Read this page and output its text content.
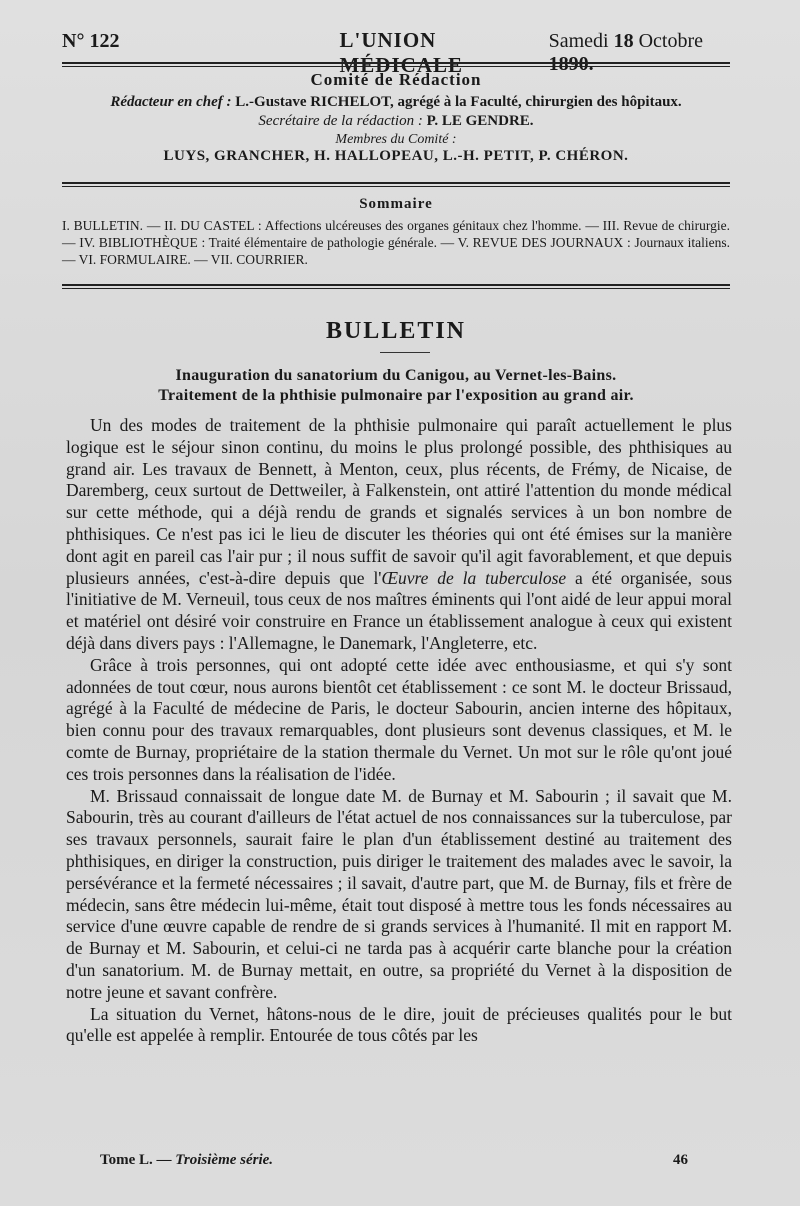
N° 122	L'UNION MÉDICALE
Samedi 18 Octobre 1890.
Comité de Rédaction
Rédacteur en chef : L.-Gustave RICHELOT, agrégé à la Faculté, chirurgien des hôpitaux.
Secrétaire de la rédaction : P. LE GENDRE.
Membres du Comité :
LUYS, GRANCHER, H. HALLOPEAU, L.-H. PETIT, P. CHÉRON.
Sommaire
I. BULLETIN. — II. DU CASTEL : Affections ulcéreuses des organes génitaux chez l'homme. — III. Revue de chirurgie. — IV. BIBLIOTHÈQUE : Traité élémentaire de pathologie générale. — V. REVUE DES JOURNAUX : Journaux italiens. — VI. FORMULAIRE. — VII. COURRIER.
BULLETIN
Inauguration du sanatorium du Canigou, au Vernet-les-Bains.
Traitement de la phthisie pulmonaire par l'exposition au grand air.

Un des modes de traitement de la phthisie pulmonaire qui paraît actuellement le plus logique est le séjour sinon continu, du moins le plus prolongé possible, des phthisiques au grand air. Les travaux de Bennett, à Menton, ceux, plus récents, de Frémy, de Nicaise, de Daremberg, ceux surtout de Dettweiler, à Falkenstein, ont attiré l'attention du monde médical sur cette méthode, qui a déjà rendu de grands et signalés services à un bon nombre de phthisiques. Ce n'est pas ici le lieu de discuter les théories qui ont été émises sur la manière dont agit en pareil cas l'air pur ; il nous suffit de savoir qu'il agit favorablement, et que depuis plusieurs années, c'est-à-dire depuis que l'Œuvre de la tuberculose a été organisée, sous l'initiative de M. Verneuil, tous ceux de nos maîtres éminents qui l'ont aidé de leur appui moral et matériel ont désiré voir construire en France un établissement analogue à ceux qui existent déjà dans divers pays : l'Allemagne, le Danemark, l'Angleterre, etc.

Grâce à trois personnes, qui ont adopté cette idée avec enthousiasme, et qui s'y sont adonnées de tout cœur, nous aurons bientôt cet établissement : ce sont M. le docteur Brissaud, agrégé à la Faculté de médecine de Paris, le docteur Sabourin, ancien interne des hôpitaux, bien connu pour des travaux remarquables, dont plusieurs sont devenus classiques, et M. le comte de Burnay, propriétaire de la station thermale du Vernet. Un mot sur le rôle qu'ont joué ces trois personnes dans la réalisation de l'idée.

M. Brissaud connaissait de longue date M. de Burnay et M. Sabourin ; il savait que M. Sabourin, très au courant d'ailleurs de l'état actuel de nos connaissances sur la tuberculose, par ses travaux personnels, saurait faire le plan d'un établissement destiné au traitement des phthisiques, en diriger la construction, puis diriger le traitement des malades avec le savoir, la persévérance et la fermeté nécessaires ; il savait, d'autre part, que M. de Burnay, fils et frère de médecin, sans être médecin lui-même, était tout disposé à mettre tous les fonds nécessaires au service d'une œuvre capable de rendre de si grands services à l'humanité. Il mit en rapport M. de Burnay et M. Sabourin, et celui-ci ne tarda pas à acquérir carte blanche pour la création d'un sanatorium. M. de Burnay mettait, en outre, sa propriété du Vernet à la disposition de notre jeune et savant confrère.

La situation du Vernet, hâtons-nous de le dire, jouit de précieuses qualités pour le but qu'elle est appelée à remplir. Entourée de tous côtés par les

Tome L. — Troisième série.	46
